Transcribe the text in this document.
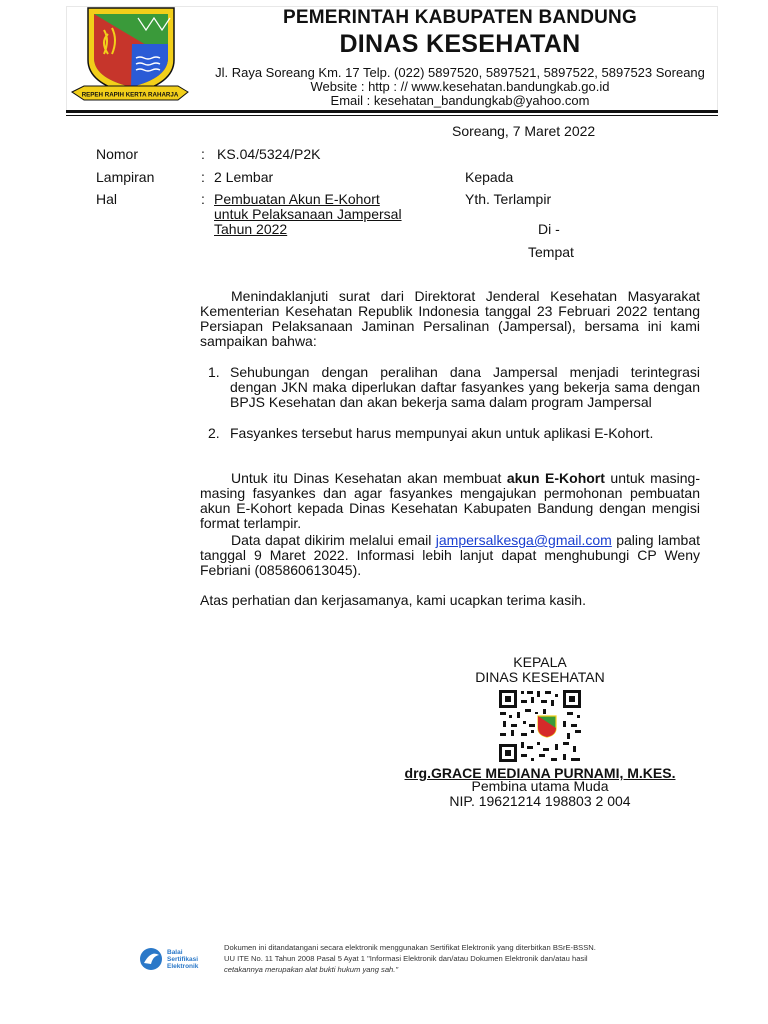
REPEH RAPIH KERTA RAHARJA
PEMERINTAH KABUPATEN BANDUNG
DINAS KESEHATAN
Jl. Raya Soreang Km. 17 Telp. (022) 5897520, 5897521, 5897522, 5897523 Soreang
Website : http : // www.kesehatan.bandungkab.go.id
Email : kesehatan_bandungkab@yahoo.com
Soreang, 7 Maret 2022
Nomor	: KS.04/5324/P2K
Lampiran	: 2 Lembar
Hal	: Pembuatan Akun E-Kohort
untuk Pelaksanaan Jampersal
Tahun 2022
Kepada
Yth. Terlampir
Di -
Tempat
Menindaklanjuti surat dari Direktorat Jenderal Kesehatan Masyarakat Kementerian Kesehatan Republik Indonesia tanggal 23 Februari 2022 tentang Persiapan Pelaksanaan Jaminan Persalinan (Jampersal), bersama ini kami sampaikan bahwa:
1. Sehubungan dengan peralihan dana Jampersal menjadi terintegrasi dengan JKN maka diperlukan daftar fasyankes yang bekerja sama dengan BPJS Kesehatan dan akan bekerja sama dalam program Jampersal
2. Fasyankes tersebut harus mempunyai akun untuk aplikasi E-Kohort.
Untuk itu Dinas Kesehatan akan membuat akun E-Kohort untuk masing-masing fasyankes dan agar fasyankes mengajukan permohonan pembuatan akun E-Kohort kepada Dinas Kesehatan Kabupaten Bandung dengan mengisi format terlampir.
Data dapat dikirim melalui email jampersalkesga@gmail.com paling lambat tanggal 9 Maret 2022. Informasi lebih lanjut dapat menghubungi CP Weny Febriani (085860613045).
Atas perhatian dan kerjasamanya, kami ucapkan terima kasih.
KEPALA
DINAS KESEHATAN
drg.GRACE MEDIANA PURNAMI, M.KES.
Pembina utama Muda
NIP. 19621214 198803 2 004
Balai
Sertifikasi
Elektronik
Dokumen ini ditandatangani secara elektronik menggunakan Sertifikat Elektronik yang diterbitkan BSrE-BSSN.
UU ITE No. 11 Tahun 2008 Pasal 5 Ayat 1 "Informasi Elektronik dan/atau Dokumen Elektronik dan/atau hasil
cetakannya merupakan alat bukti hukum yang sah."
